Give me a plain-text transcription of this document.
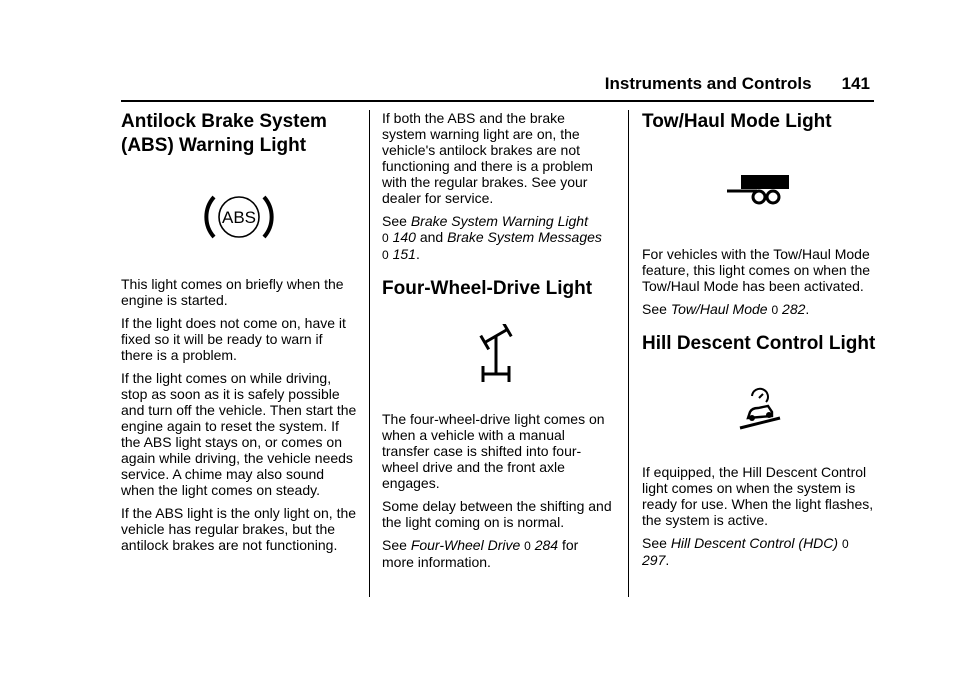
Instruments and Controls 141
Antilock Brake System
(ABS) Warning Light
ABS

This light comes on briefly when the engine is started.

If the light does not come on, have it fixed so it will be ready to warn if there is a problem.

If the light comes on while driving, stop as soon as it is safely possible and turn off the vehicle. Then start the engine again to reset the system. If the ABS light stays on, or comes on again while driving, the vehicle needs service. A chime may also sound when the light comes on steady.

If the ABS light is the only light on, the vehicle has regular brakes, but the antilock brakes are not functioning.

If both the ABS and the brake system warning light are on, the vehicle's antilock brakes are not functioning and there is a problem with the regular brakes. See your dealer for service.

See Brake System Warning Light
0 140 and Brake System Messages 0 151.

Four-Wheel-Drive Light

The four-wheel-drive light comes on when a vehicle with a manual transfer case is shifted into four-wheel drive and the front axle engages.

Some delay between the shifting and the light coming on is normal.

See Four-Wheel Drive 0 284 for more information.

Tow/Haul Mode Light

For vehicles with the Tow/Haul Mode feature, this light comes on when the Tow/Haul Mode has been activated.

See Tow/Haul Mode 0 282.

Hill Descent Control Light

If equipped, the Hill Descent Control light comes on when the system is ready for use. When the light flashes, the system is active.

See Hill Descent Control (HDC) 0 297.
